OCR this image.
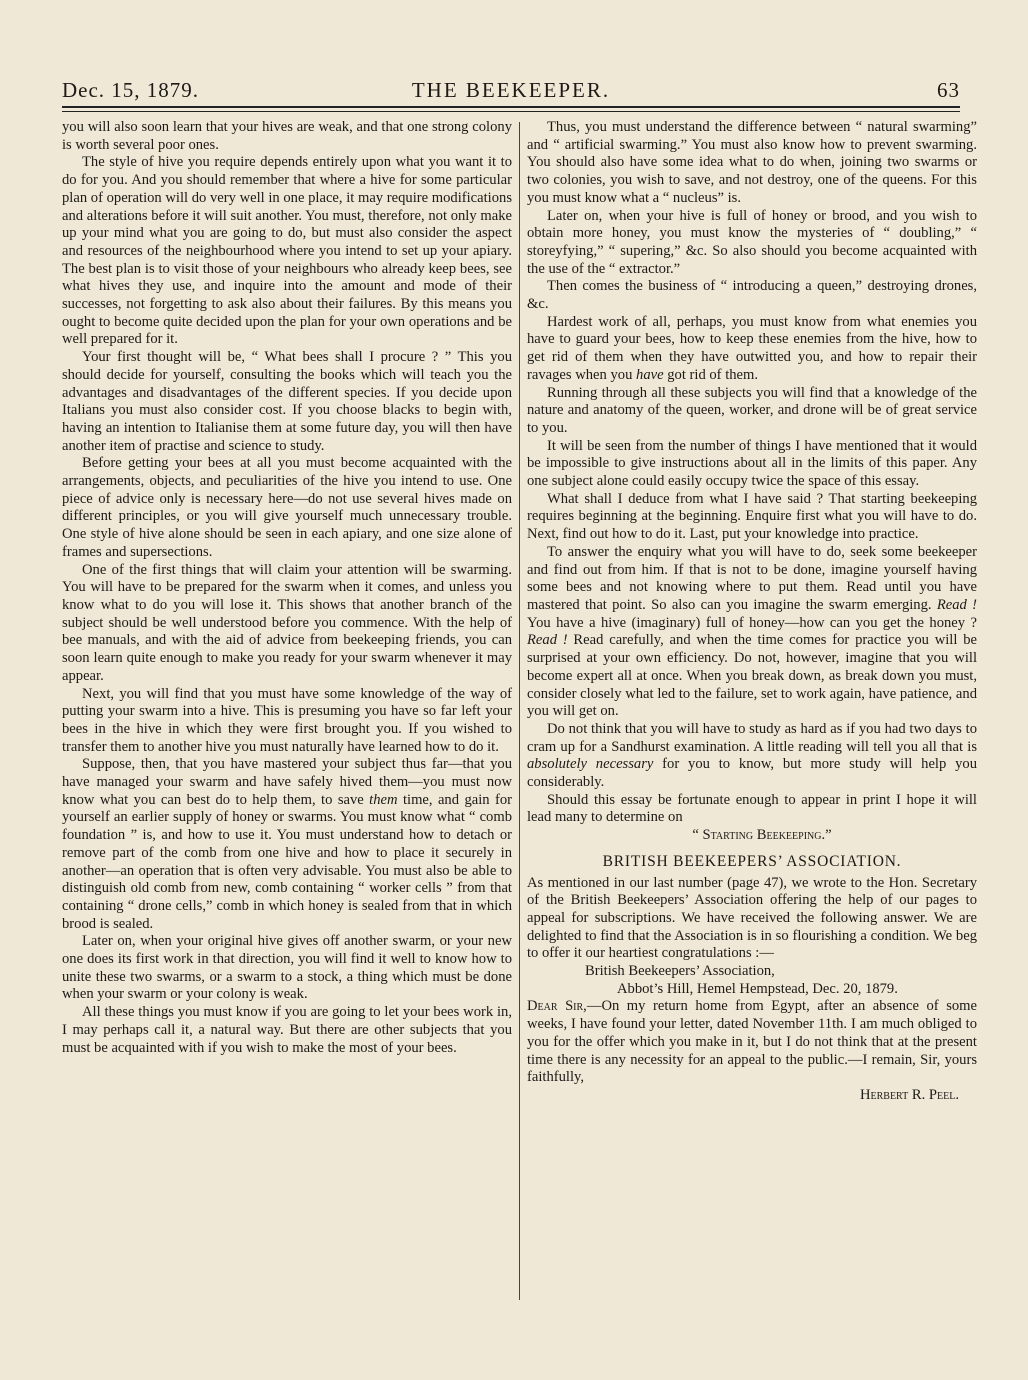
Dec. 15, 1879.	THE BEEKEEPER.	63

you will also soon learn that your hives are weak, and that one strong colony is worth several poor ones.

The style of hive you require depends entirely upon what you want it to do for you. And you should remember that where a hive for some particular plan of operation will do very well in one place, it may require modifications and alterations before it will suit another. You must, therefore, not only make up your mind what you are going to do, but must also consider the aspect and resources of the neighbourhood where you intend to set up your apiary. The best plan is to visit those of your neighbours who already keep bees, see what hives they use, and inquire into the amount and mode of their successes, not forgetting to ask also about their failures. By this means you ought to become quite decided upon the plan for your own operations and be well prepared for it.

Your first thought will be, “ What bees shall I procure ? ” This you should decide for yourself, consulting the books which will teach you the advantages and disadvantages of the different species. If you decide upon Italians you must also consider cost. If you choose blacks to begin with, having an intention to Italianise them at some future day, you will then have another item of practise and science to study.

Before getting your bees at all you must become acquainted with the arrangements, objects, and peculiarities of the hive you intend to use. One piece of advice only is necessary here—do not use several hives made on different principles, or you will give yourself much unnecessary trouble. One style of hive alone should be seen in each apiary, and one size alone of frames and supersections.

One of the first things that will claim your attention will be swarming. You will have to be prepared for the swarm when it comes, and unless you know what to do you will lose it. This shows that another branch of the subject should be well understood before you commence. With the help of bee manuals, and with the aid of advice from beekeeping friends, you can soon learn quite enough to make you ready for your swarm whenever it may appear.

Next, you will find that you must have some knowledge of the way of putting your swarm into a hive. This is presuming you have so far left your bees in the hive in which they were first brought you. If you wished to transfer them to another hive you must naturally have learned how to do it.

Suppose, then, that you have mastered your subject thus far—that you have managed your swarm and have safely hived them—you must now know what you can best do to help them, to save them time, and gain for yourself an earlier supply of honey or swarms. You must know what “ comb foundation ” is, and how to use it. You must understand how to detach or remove part of the comb from one hive and how to place it securely in another—an operation that is often very advisable. You must also be able to distinguish old comb from new, comb containing “ worker cells ” from that containing “ drone cells,” comb in which honey is sealed from that in which brood is sealed.

Later on, when your original hive gives off another swarm, or your new one does its first work in that direction, you will find it well to know how to unite these two swarms, or a swarm to a stock, a thing which must be done when your swarm or your colony is weak.

All these things you must know if you are going to let your bees work in, I may perhaps call it, a natural way. But there are other subjects that you must be acquainted with if you wish to make the most of your bees.

Thus, you must understand the difference between “ natural swarming” and “ artificial swarming.” You must also know how to prevent swarming. You should also have some idea what to do when, joining two swarms or two colonies, you wish to save, and not destroy, one of the queens. For this you must know what a “ nucleus” is.

Later on, when your hive is full of honey or brood, and you wish to obtain more honey, you must know the mysteries of “ doubling,” “ storeyfying,” “ supering,” &c. So also should you become acquainted with the use of the “ extractor.”

Then comes the business of “ introducing a queen,” destroying drones, &c.

Hardest work of all, perhaps, you must know from what enemies you have to guard your bees, how to keep these enemies from the hive, how to get rid of them when they have outwitted you, and how to repair their ravages when you have got rid of them.

Running through all these subjects you will find that a knowledge of the nature and anatomy of the queen, worker, and drone will be of great service to you.

It will be seen from the number of things I have mentioned that it would be impossible to give instructions about all in the limits of this paper. Any one subject alone could easily occupy twice the space of this essay.

What shall I deduce from what I have said ? That starting beekeeping requires beginning at the beginning. Enquire first what you will have to do. Next, find out how to do it. Last, put your knowledge into practice.

To answer the enquiry what you will have to do, seek some beekeeper and find out from him. If that is not to be done, imagine yourself having some bees and not knowing where to put them. Read until you have mastered that point. So also can you imagine the swarm emerging. Read ! You have a hive (imaginary) full of honey—how can you get the honey ? Read ! Read carefully, and when the time comes for practice you will be surprised at your own efficiency. Do not, however, imagine that you will become expert all at once. When you break down, as break down you must, consider closely what led to the failure, set to work again, have patience, and you will get on.

Do not think that you will have to study as hard as if you had two days to cram up for a Sandhurst examination. A little reading will tell you all that is absolutely necessary for you to know, but more study will help you considerably.

Should this essay be fortunate enough to appear in print I hope it will lead many to determine on

“ Starting Beekeeping.”

BRITISH BEEKEEPERS’ ASSOCIATION.

As mentioned in our last number (page 47), we wrote to the Hon. Secretary of the British Beekeepers’ Association offering the help of our pages to appeal for subscriptions. We have received the following answer. We are delighted to find that the Association is in so flourishing a condition. We beg to offer it our heartiest congratulations :—

British Beekeepers’ Association,

Abbot’s Hill, Hemel Hempstead, Dec. 20, 1879.

Dear Sir,—On my return home from Egypt, after an absence of some weeks, I have found your letter, dated November 11th. I am much obliged to you for the offer which you make in it, but I do not think that at the present time there is any necessity for an appeal to the public.—I remain, Sir, yours faithfully,

Herbert R. Peel.
